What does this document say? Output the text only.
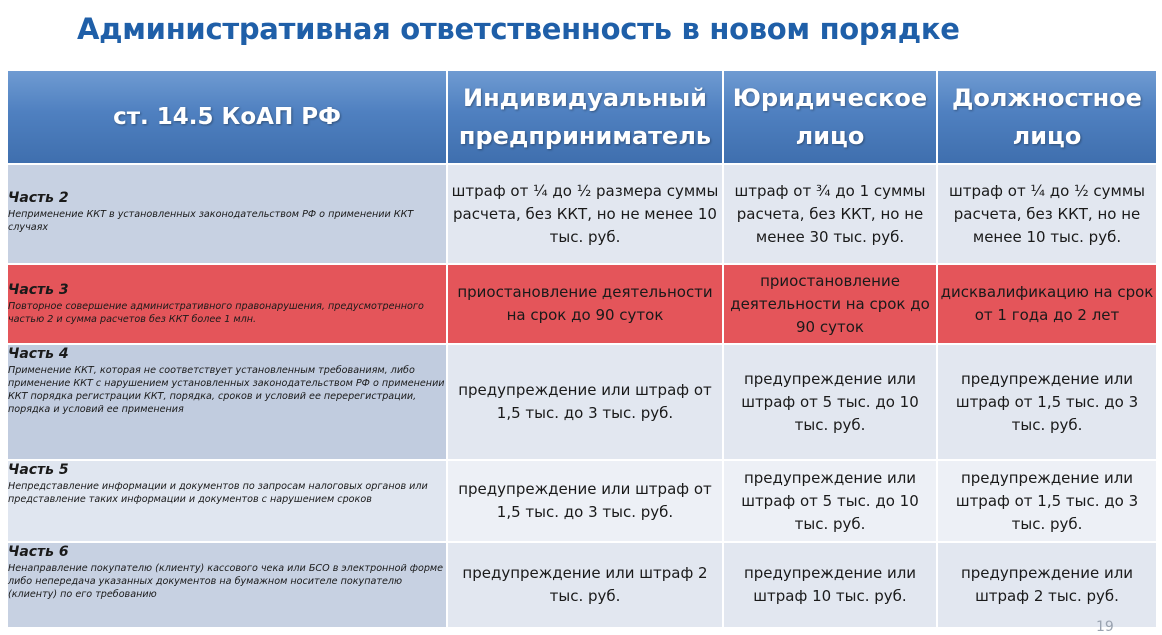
Административная ответственность в новом порядке
ст. 14.5 КоАП РФ	Индивидуальный предприниматель	Юридическое лицо	Должностное лицо

Часть 2
Неприменение ККТ в установленных законодательством РФ о применении ККТ случаях	штраф от ¼ до ½ размера суммы расчета, без ККТ, но не менее 10 тыс. руб.	штраф от ¾ до 1 суммы расчета, без ККТ, но не менее 30 тыс. руб.	штраф от ¼ до ½ суммы расчета, без ККТ, но не менее 10 тыс. руб.

Часть 3
Повторное совершение административного правонарушения, предусмотренного частью 2 и сумма расчетов без ККТ более 1 млн.	приостановление деятельности на срок до 90 суток	приостановление деятельности на срок до 90 суток	дисквалификацию на срок от 1 года до 2 лет

Часть 4
Применение ККТ, которая не соответствует установленным требованиям, либо применение ККТ с нарушением установленных законодательством РФ о применении ККТ порядка регистрации ККТ, порядка, сроков и условий ее перерегистрации, порядка и условий ее применения	предупреждение или штраф от 1,5 тыс. до 3 тыс. руб.	предупреждение или штраф от 5 тыс. до 10 тыс. руб.	предупреждение или штраф от 1,5 тыс. до 3 тыс. руб.

Часть 5
Непредставление информации и документов по запросам налоговых органов или представление таких информации и документов с нарушением сроков	предупреждение или штраф от 1,5 тыс. до 3 тыс. руб.	предупреждение или штраф от 5 тыс. до 10 тыс. руб.	предупреждение или штраф от 1,5 тыс. до 3 тыс. руб.

Часть 6
Ненаправление покупателю (клиенту) кассового чека или БСО в электронной форме либо непередача указанных документов на бумажном носителе покупателю (клиенту) по его требованию	предупреждение или штраф 2 тыс. руб.	предупреждение или штраф 10 тыс. руб.	предупреждение или штраф 2 тыс. руб.
19
